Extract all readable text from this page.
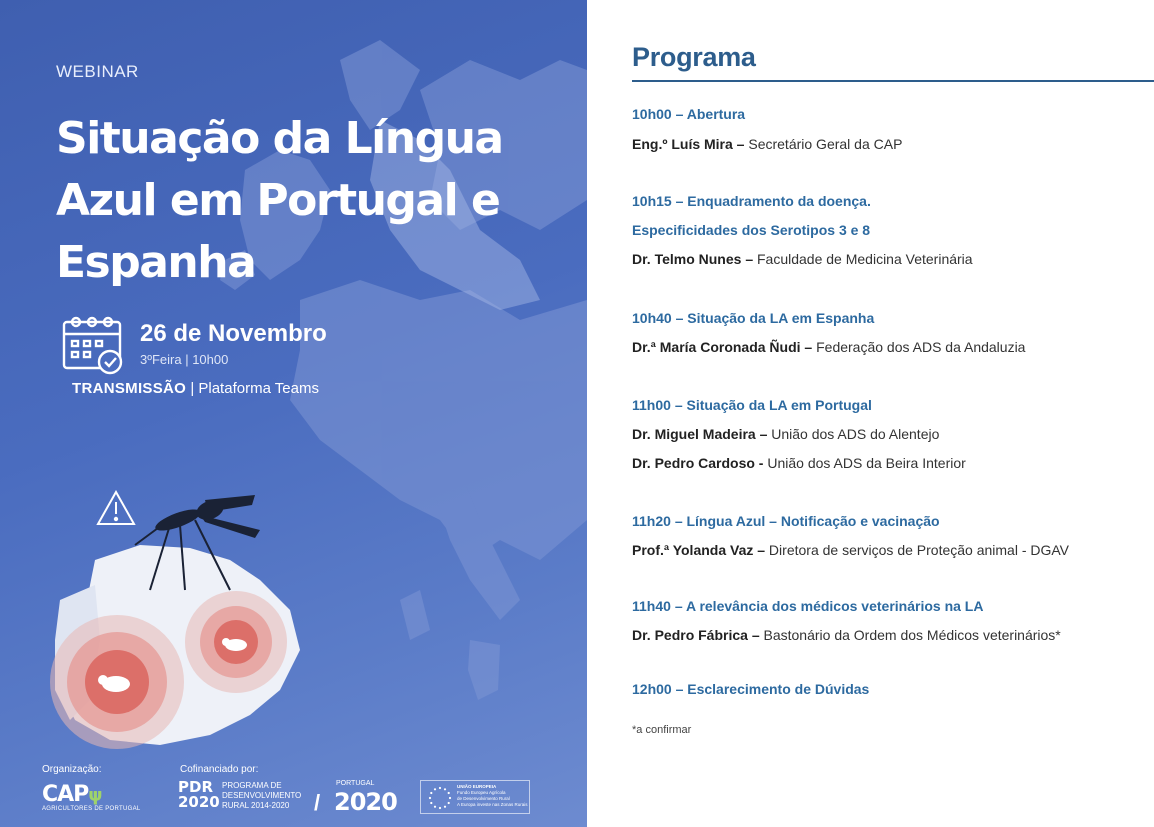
WEBINAR
Situação da Língua
Azul em Portugal e
Espanha
26 de Novembro
3ºFeira | 10h00
TRANSMISSÃO | Plataforma Teams
Organização:	Cofinanciado por:
CAPψ
AGRICULTORES DE PORTUGAL
PDR
2020
PROGRAMA DE
DESENVOLVIMENTO
RURAL 2014-2020	/
PORTUGAL
2020
UNIÃO EUROPEIA
Fundo Europeu Agrícola
de Desenvolvimento Rural
A Europa investe nas Zonas Rurais
Programa
10h00 – Abertura
Eng.º Luís Mira – Secretário Geral da CAP
10h15 – Enquadramento da doença.
Especificidades dos Serotipos 3 e 8
Dr. Telmo Nunes – Faculdade de Medicina Veterinária
10h40 – Situação da LA em Espanha
Dr.ª María Coronada Ñudi – Federação dos ADS da Andaluzia
11h00 – Situação da LA em Portugal
Dr. Miguel Madeira – União dos ADS do Alentejo
Dr. Pedro Cardoso - União dos ADS da Beira Interior
11h20 – Língua Azul – Notificação e vacinação
Prof.ª Yolanda Vaz – Diretora de serviços de Proteção animal - DGAV
11h40 – A relevância dos médicos veterinários na LA
Dr. Pedro Fábrica – Bastonário da Ordem dos Médicos veterinários*
12h00 – Esclarecimento de Dúvidas
*a confirmar
